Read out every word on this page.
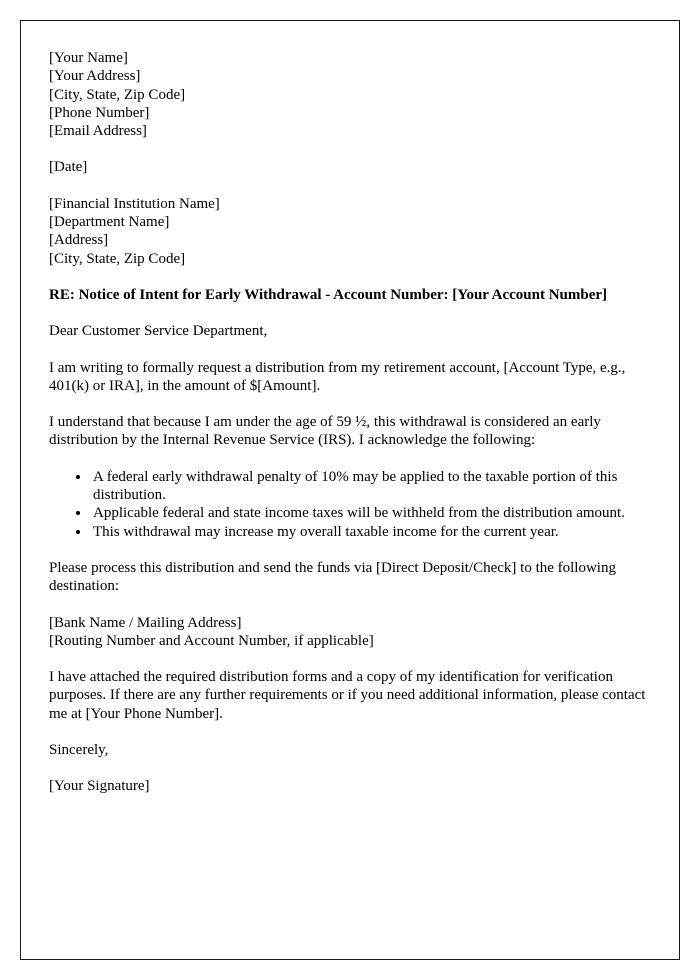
[Your Name]
[Your Address]
[City, State, Zip Code]
[Phone Number]
[Email Address]
[Date]
[Financial Institution Name]
[Department Name]
[Address]
[City, State, Zip Code]
RE: Notice of Intent for Early Withdrawal - Account Number: [Your Account Number]
Dear Customer Service Department,
I am writing to formally request a distribution from my retirement account, [Account Type, e.g., 401(k) or IRA], in the amount of $[Amount].
I understand that because I am under the age of 59 ½, this withdrawal is considered an early distribution by the Internal Revenue Service (IRS). I acknowledge the following:
• A federal early withdrawal penalty of 10% may be applied to the taxable portion of this distribution.
• Applicable federal and state income taxes will be withheld from the distribution amount.
• This withdrawal may increase my overall taxable income for the current year.
Please process this distribution and send the funds via [Direct Deposit/Check] to the following destination:
[Bank Name / Mailing Address]
[Routing Number and Account Number, if applicable]
I have attached the required distribution forms and a copy of my identification for verification purposes. If there are any further requirements or if you need additional information, please contact me at [Your Phone Number].
Sincerely,
[Your Signature]
